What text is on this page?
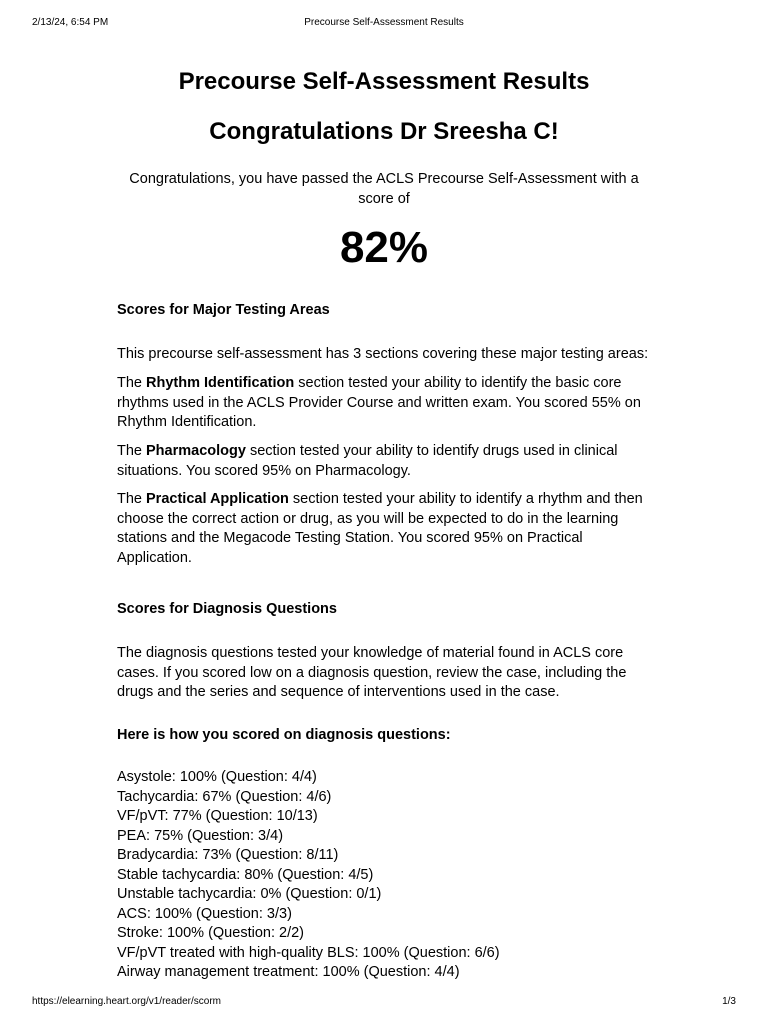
2/13/24, 6:54 PM	Precourse Self-Assessment Results
Precourse Self-Assessment Results
Congratulations Dr Sreesha C!
Congratulations, you have passed the ACLS Precourse Self-Assessment with a score of
82%
Scores for Major Testing Areas
This precourse self-assessment has 3 sections covering these major testing areas:
The Rhythm Identification section tested your ability to identify the basic core rhythms used in the ACLS Provider Course and written exam. You scored 55% on Rhythm Identification.
The Pharmacology section tested your ability to identify drugs used in clinical situations. You scored 95% on Pharmacology.
The Practical Application section tested your ability to identify a rhythm and then choose the correct action or drug, as you will be expected to do in the learning stations and the Megacode Testing Station. You scored 95% on Practical Application.
Scores for Diagnosis Questions
The diagnosis questions tested your knowledge of material found in ACLS core cases. If you scored low on a diagnosis question, review the case, including the drugs and the series and sequence of interventions used in the case.
Here is how you scored on diagnosis questions:
Asystole: 100% (Question: 4/4)
Tachycardia: 67% (Question: 4/6)
VF/pVT: 77% (Question: 10/13)
PEA: 75% (Question: 3/4)
Bradycardia: 73% (Question: 8/11)
Stable tachycardia: 80% (Question: 4/5)
Unstable tachycardia: 0% (Question: 0/1)
ACS: 100% (Question: 3/3)
Stroke: 100% (Question: 2/2)
VF/pVT treated with high-quality BLS: 100% (Question: 6/6)
Airway management treatment: 100% (Question: 4/4)
https://elearning.heart.org/v1/reader/scorm	1/3
